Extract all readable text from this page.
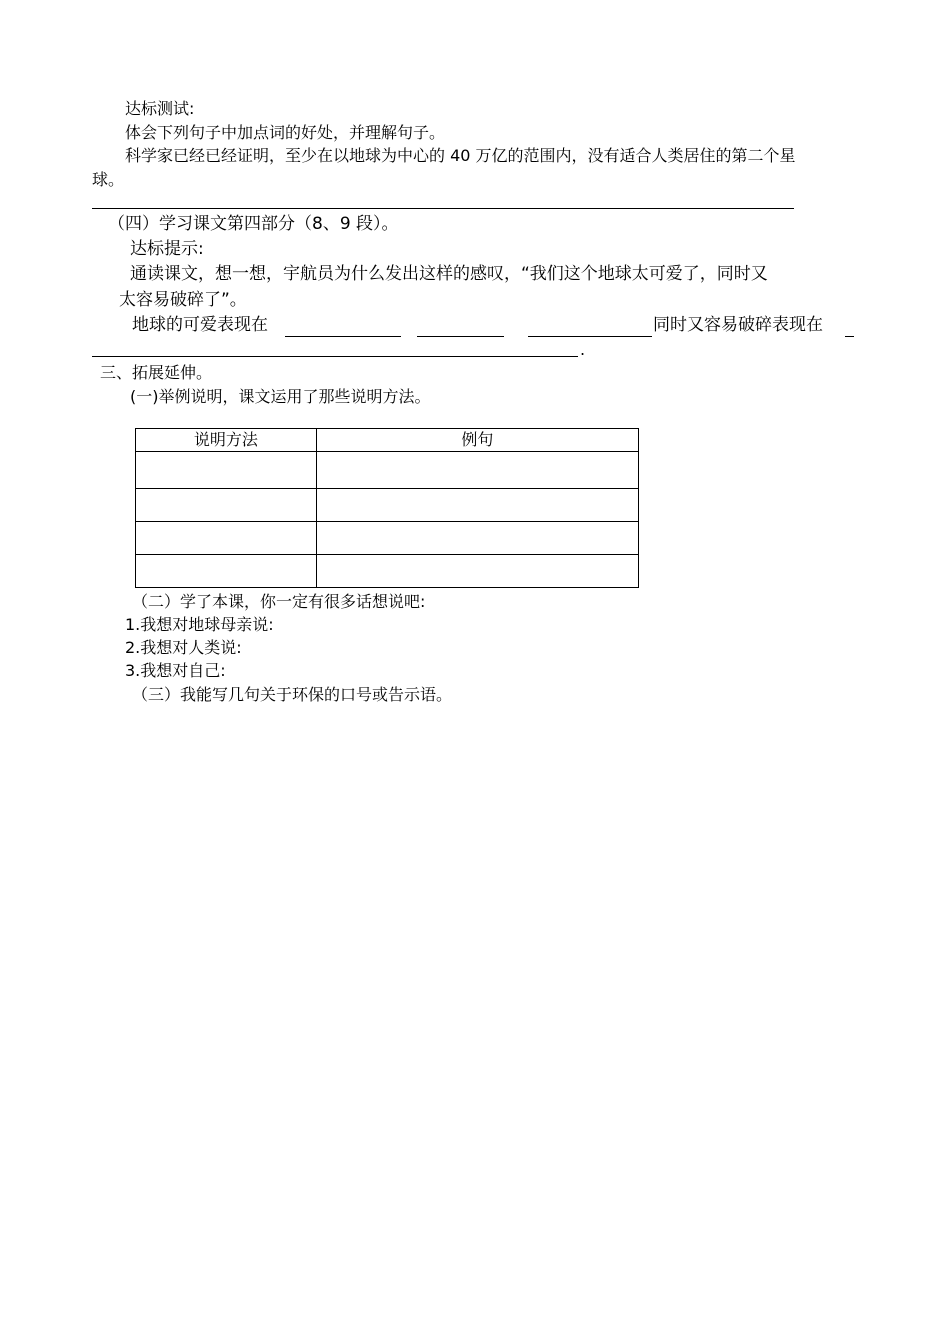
达标测试:
体会下列句子中加点词的好处，并理解句子。
科学家已经已经证明，至少在以地球为中心的 40 万亿的范围内，没有适合人类居住的第二个星
球。
（四）学习课文第四部分（8、9 段）。
达标提示:
通读课文，想一想，宇航员为什么发出这样的感叹，“我们这个地球太可爱了，同时又
太容易破碎了”。
地球的可爱表现在	同时又容易破碎表现在
.
三、拓展延伸。
(一)举例说明，课文运用了那些说明方法。
说明方法	例句

（二）学了本课，你一定有很多话想说吧:
1.我想对地球母亲说:
2.我想对人类说:
3.我想对自己:
（三）我能写几句关于环保的口号或告示语。
